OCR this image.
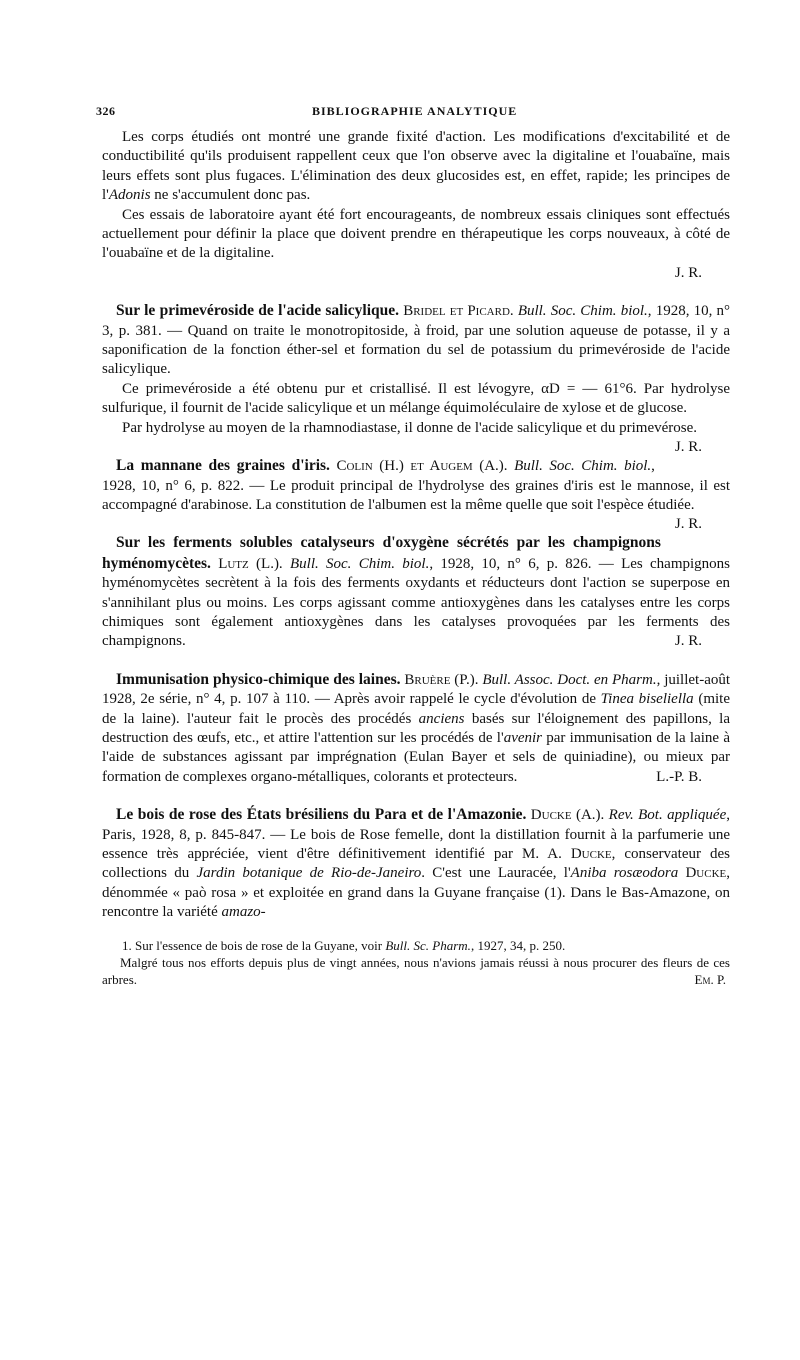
326	BIBLIOGRAPHIE ANALYTIQUE

Les corps étudiés ont montré une grande fixité d'action. Les modifications d'excitabilité et de conductibilité qu'ils produisent rappellent ceux que l'on observe avec la digitaline et l'ouabaïne, mais leurs effets sont plus fugaces. L'élimination des deux glucosides est, en effet, rapide; les principes de l'Adonis ne s'accumulent donc pas.

Ces essais de laboratoire ayant été fort encourageants, de nombreux essais cliniques sont effectués actuellement pour définir la place que doivent prendre en thérapeutique les corps nouveaux, à côté de l'ouabaïne et de la digitaline.

J. R.

Sur le primevéroside de l'acide salicylique. Bridel et Picard. Bull. Soc. Chim. biol., 1928, 10, n° 3, p. 381. — Quand on traite le monotropitoside, à froid, par une solution aqueuse de potasse, il y a saponification de la fonction éther-sel et formation du sel de potassium du primevéroside de l'acide salicylique.

Ce primevéroside a été obtenu pur et cristallisé. Il est lévogyre, αD = — 61°6. Par hydrolyse sulfurique, il fournit de l'acide salicylique et un mélange équimoléculaire de xylose et de glucose.

Par hydrolyse au moyen de la rhamnodiastase, il donne de l'acide salicylique et du primevérose.
J. R.

La mannane des graines d'iris. Colin (H.) et Augem (A.). Bull. Soc. Chim. biol., 1928, 10, n° 6, p. 822. — Le produit principal de l'hydrolyse des graines d'iris est le mannose, il est accompagné d'arabinose. La constitution de l'albumen est la même quelle que soit l'espèce étudiée.
J. R.

Sur les ferments solubles catalyseurs d'oxygène sécrétés par les champignons hyménomycètes. Lutz (L.). Bull. Soc. Chim. biol., 1928, 10, n° 6, p. 826. — Les champignons hyménomycètes secrètent à la fois des ferments oxydants et réducteurs dont l'action se superpose en s'annihilant plus ou moins. Les corps agissant comme antioxygènes dans les catalyses entre les corps chimiques sont également antioxygènes dans les catalyses provoquées par les ferments des champignons.	J. R.

Immunisation physico-chimique des laines. Bruère (P.). Bull. Assoc. Doct. en Pharm., juillet-août 1928, 2e série, n° 4, p. 107 à 110. — Après avoir rappelé le cycle d'évolution de Tinea biseliella (mite de la laine). l'auteur fait le procès des procédés anciens basés sur l'éloignement des papillons, la destruction des œufs, etc., et attire l'attention sur les procédés de l'avenir par immunisation de la laine à l'aide de substances agissant par imprégnation (Eulan Bayer et sels de quiniadine), ou mieux par formation de complexes organo-métalliques, colorants et protecteurs.	L.-P. B.

Le bois de rose des États brésiliens du Para et de l'Amazonie. Ducke (A.). Rev. Bot. appliquée, Paris, 1928, 8, p. 845-847. — Le bois de Rose femelle, dont la distillation fournit à la parfumerie une essence très appréciée, vient d'être définitivement identifié par M. A. Ducke, conservateur des collections du Jardin botanique de Rio-de-Janeiro. C'est une Lauracée, l'Aniba rosæodora Ducke, dénommée « paò rosa » et exploitée en grand dans la Guyane française (1). Dans le Bas-Amazone, on rencontre la variété amazo-

1. Sur l'essence de bois de rose de la Guyane, voir Bull. Sc. Pharm., 1927, 34, p. 250.

Malgré tous nos efforts depuis plus de vingt années, nous n'avions jamais réussi à nous procurer des fleurs de ces arbres.	Em. P.
